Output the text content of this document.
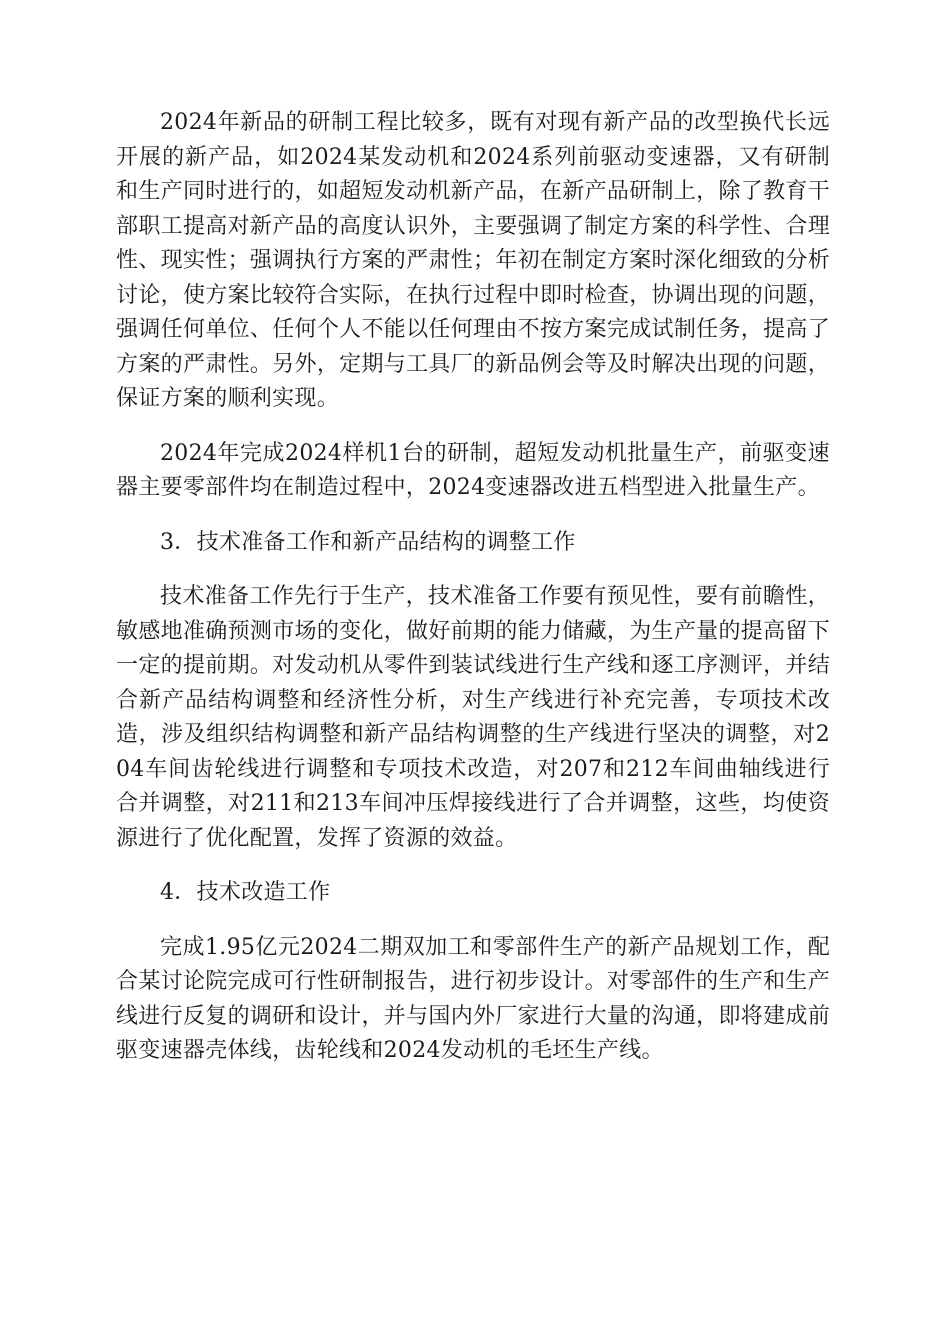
2024年新品的研制工程比较多，既有对现有新产品的改型换代长远开展的新产品，如2024某发动机和2024系列前驱动变速器，又有研制和生产同时进行的，如超短发动机新产品，在新产品研制上，除了教育干部职工提高对新产品的高度认识外，主要强调了制定方案的科学性、合理性、现实性；强调执行方案的严肃性；年初在制定方案时深化细致的分析讨论，使方案比较符合实际，在执行过程中即时检查，协调出现的问题，强调任何单位、任何个人不能以任何理由不按方案完成试制任务，提高了方案的严肃性。另外，定期与工具厂的新品例会等及时解决出现的问题，保证方案的顺利实现。

2024年完成2024样机1台的研制，超短发动机批量生产，前驱变速器主要零部件均在制造过程中，2024变速器改进五档型进入批量生产。

3．技术准备工作和新产品结构的调整工作

技术准备工作先行于生产，技术准备工作要有预见性，要有前瞻性，敏感地准确预测市场的变化，做好前期的能力储藏，为生产量的提高留下一定的提前期。对发动机从零件到装试线进行生产线和逐工序测评，并结合新产品结构调整和经济性分析，对生产线进行补充完善，专项技术改造，涉及组织结构调整和新产品结构调整的生产线进行坚决的调整，对204车间齿轮线进行调整和专项技术改造，对207和212车间曲轴线进行合并调整，对211和213车间冲压焊接线进行了合并调整，这些，均使资源进行了优化配置，发挥了资源的效益。

4．技术改造工作

完成1.95亿元2024二期双加工和零部件生产的新产品规划工作，配合某讨论院完成可行性研制报告，进行初步设计。对零部件的生产和生产线进行反复的调研和设计，并与国内外厂家进行大量的沟通，即将建成前驱变速器壳体线，齿轮线和2024发动机的毛坯生产线。
